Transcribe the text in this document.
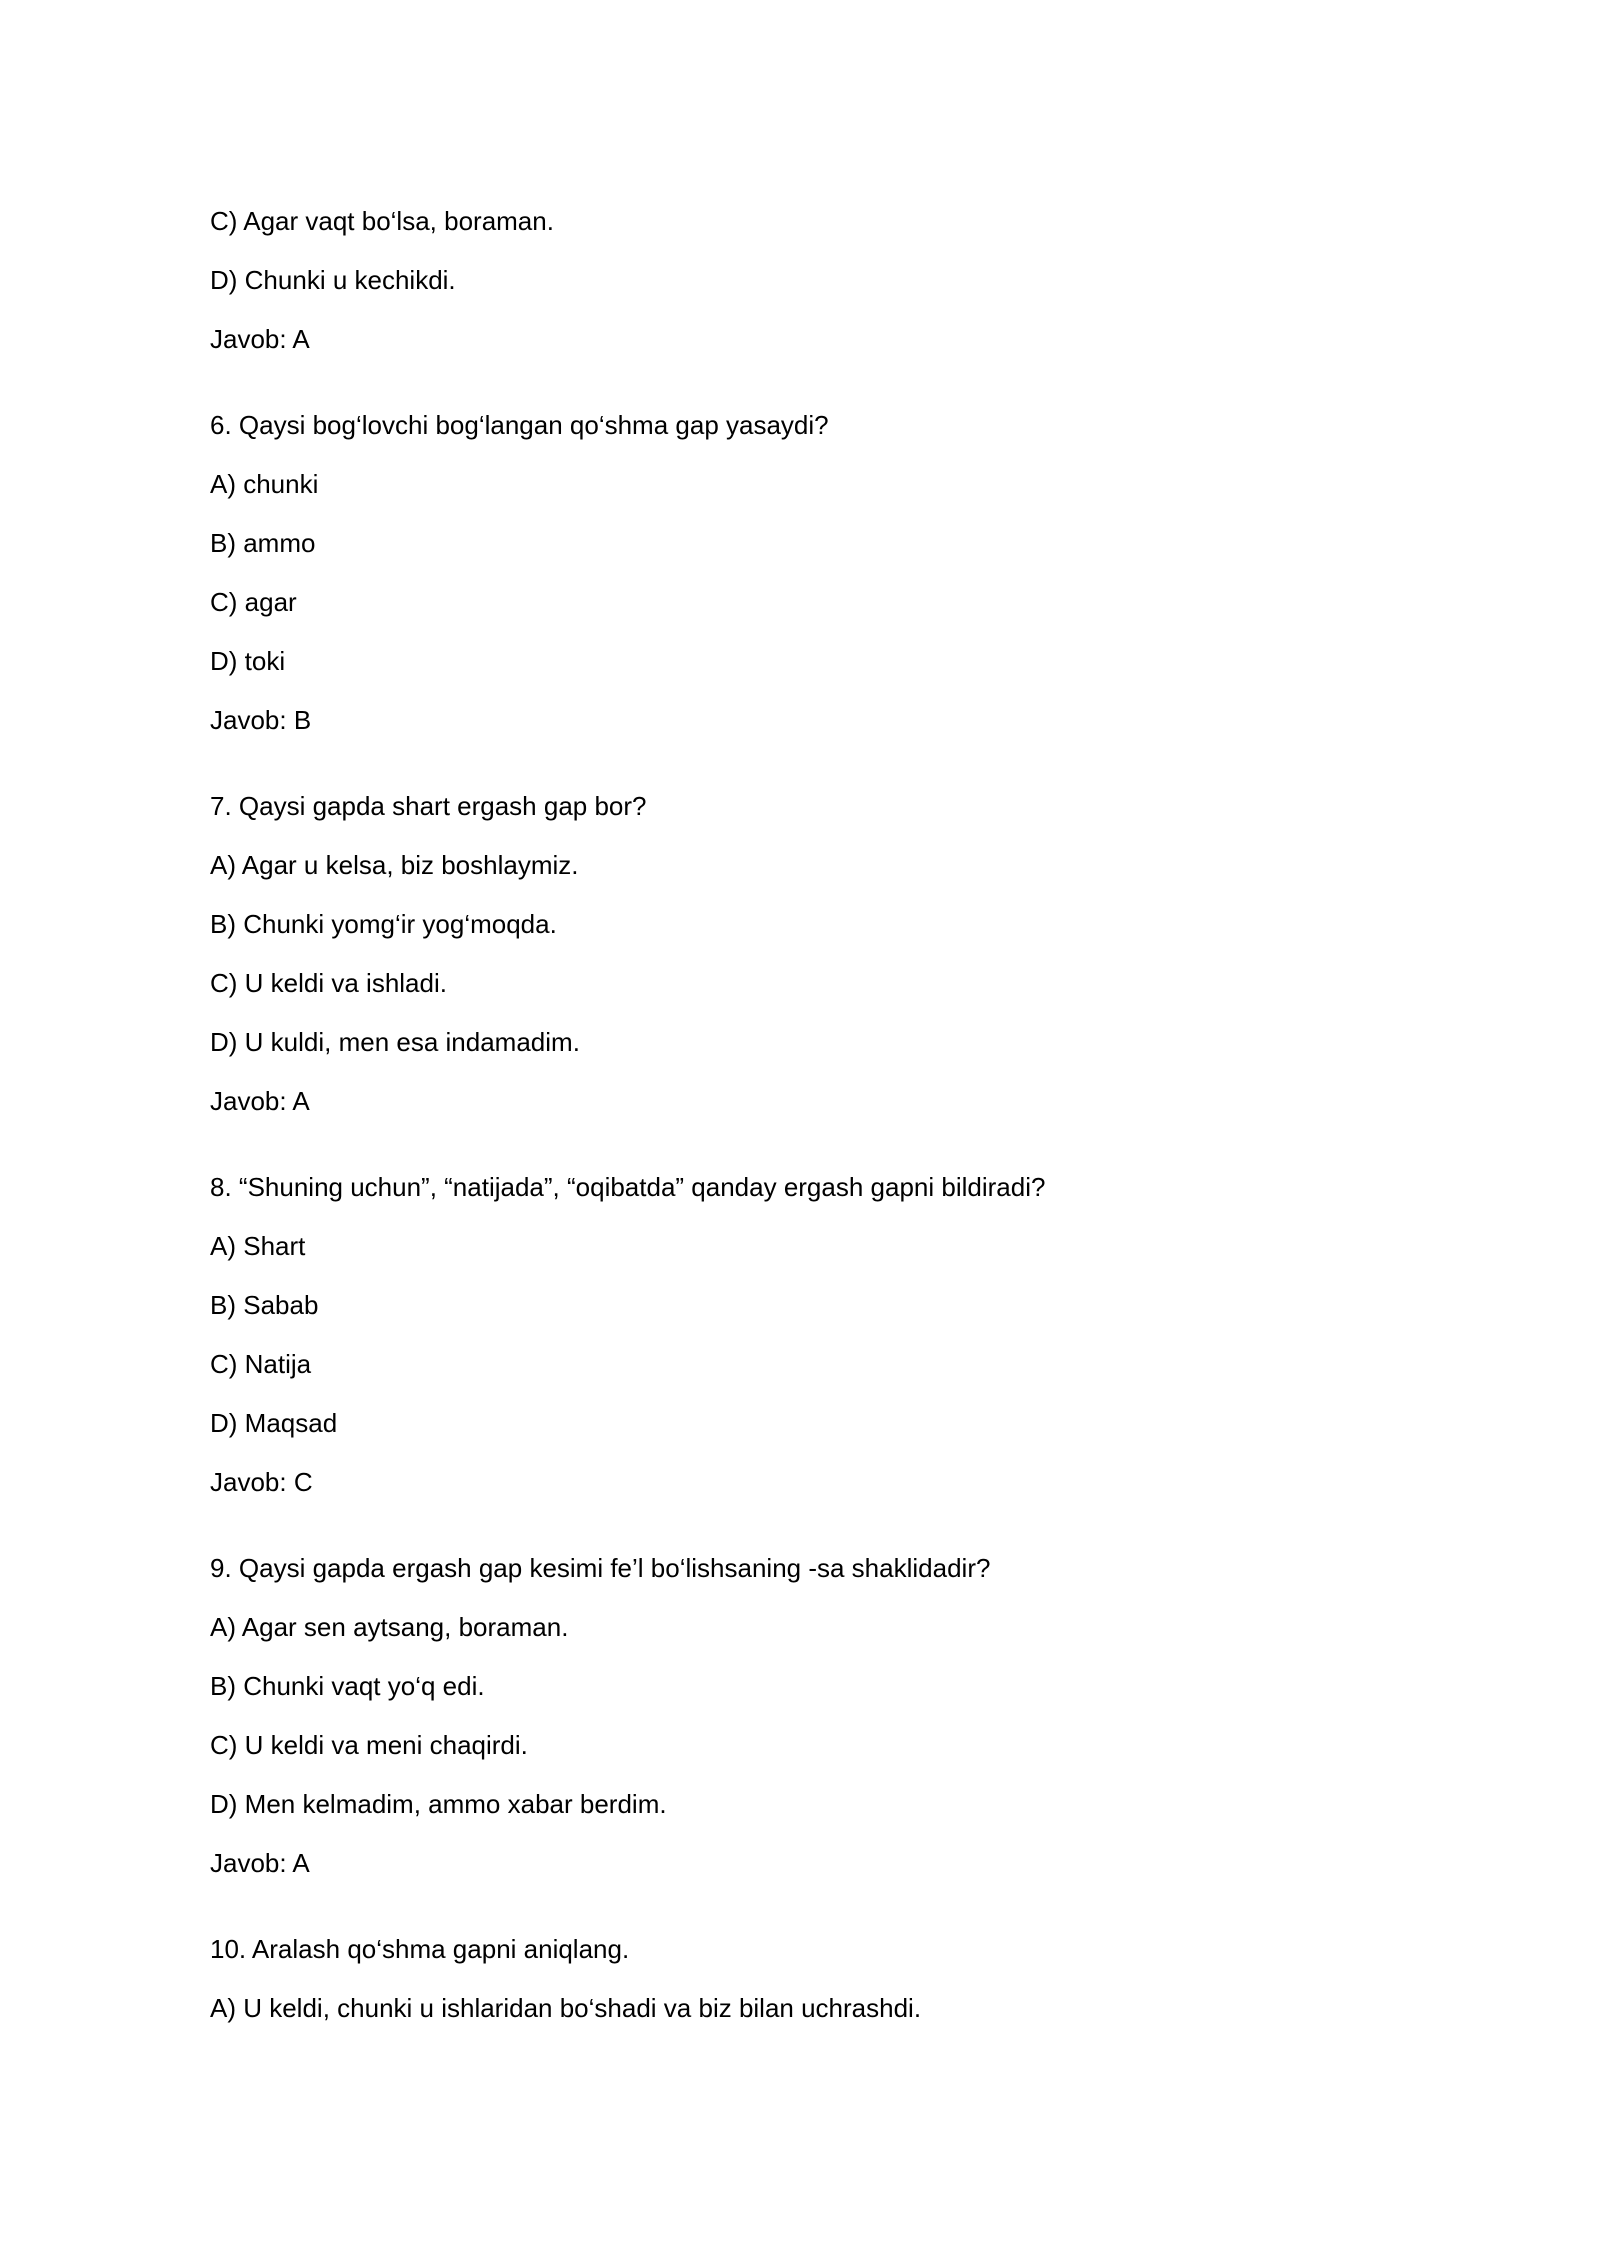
C) Agar vaqt bo‘lsa, boraman.
D) Chunki u kechikdi.
Javob: A
6. Qaysi bog‘lovchi bog‘langan qo‘shma gap yasaydi?
A) chunki
B) ammo
C) agar
D) toki
Javob: B
7. Qaysi gapda shart ergash gap bor?
A) Agar u kelsa, biz boshlaymiz.
B) Chunki yomg‘ir yog‘moqda.
C) U keldi va ishladi.
D) U kuldi, men esa indamadim.
Javob: A
8. “Shuning uchun”, “natijada”, “oqibatda” qanday ergash gapni bildiradi?
A) Shart
B) Sabab
C) Natija
D) Maqsad
Javob: C
9. Qaysi gapda ergash gap kesimi fe’l bo‘lishsaning -sa shaklidadir?
A) Agar sen aytsang, boraman.
B) Chunki vaqt yo‘q edi.
C) U keldi va meni chaqirdi.
D) Men kelmadim, ammo xabar berdim.
Javob: A
10. Aralash qo‘shma gapni aniqlang.
A) U keldi, chunki u ishlaridan bo‘shadi va biz bilan uchrashdi.
